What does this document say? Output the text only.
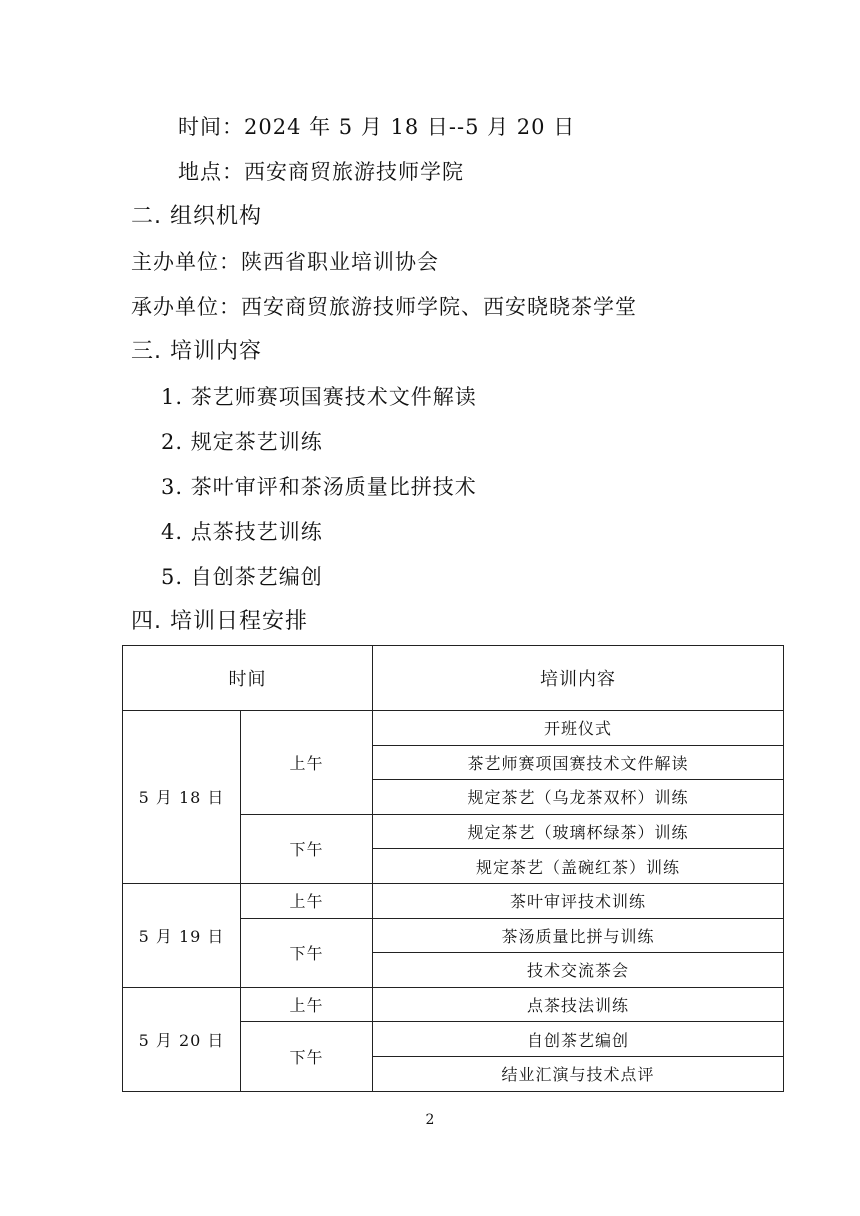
时间：2024 年 5 月 18 日--5 月 20 日
地点：西安商贸旅游技师学院
二. 组织机构
主办单位：陕西省职业培训协会
承办单位：西安商贸旅游技师学院、西安晓晓茶学堂
三. 培训内容
1. 茶艺师赛项国赛技术文件解读
2. 规定茶艺训练
3. 茶叶审评和茶汤质量比拼技术
4. 点茶技艺训练
5. 自创茶艺编创
四. 培训日程安排
时间		培训内容
5 月 18 日	上午	开班仪式
		茶艺师赛项国赛技术文件解读
		规定茶艺（乌龙茶双杯）训练
	下午	规定茶艺（玻璃杯绿茶）训练
		规定茶艺（盖碗红茶）训练
5 月 19 日	上午	茶叶审评技术训练
	下午	茶汤质量比拼与训练
		技术交流茶会
5 月 20 日	上午	点茶技法训练
	下午	自创茶艺编创
		结业汇演与技术点评
2
